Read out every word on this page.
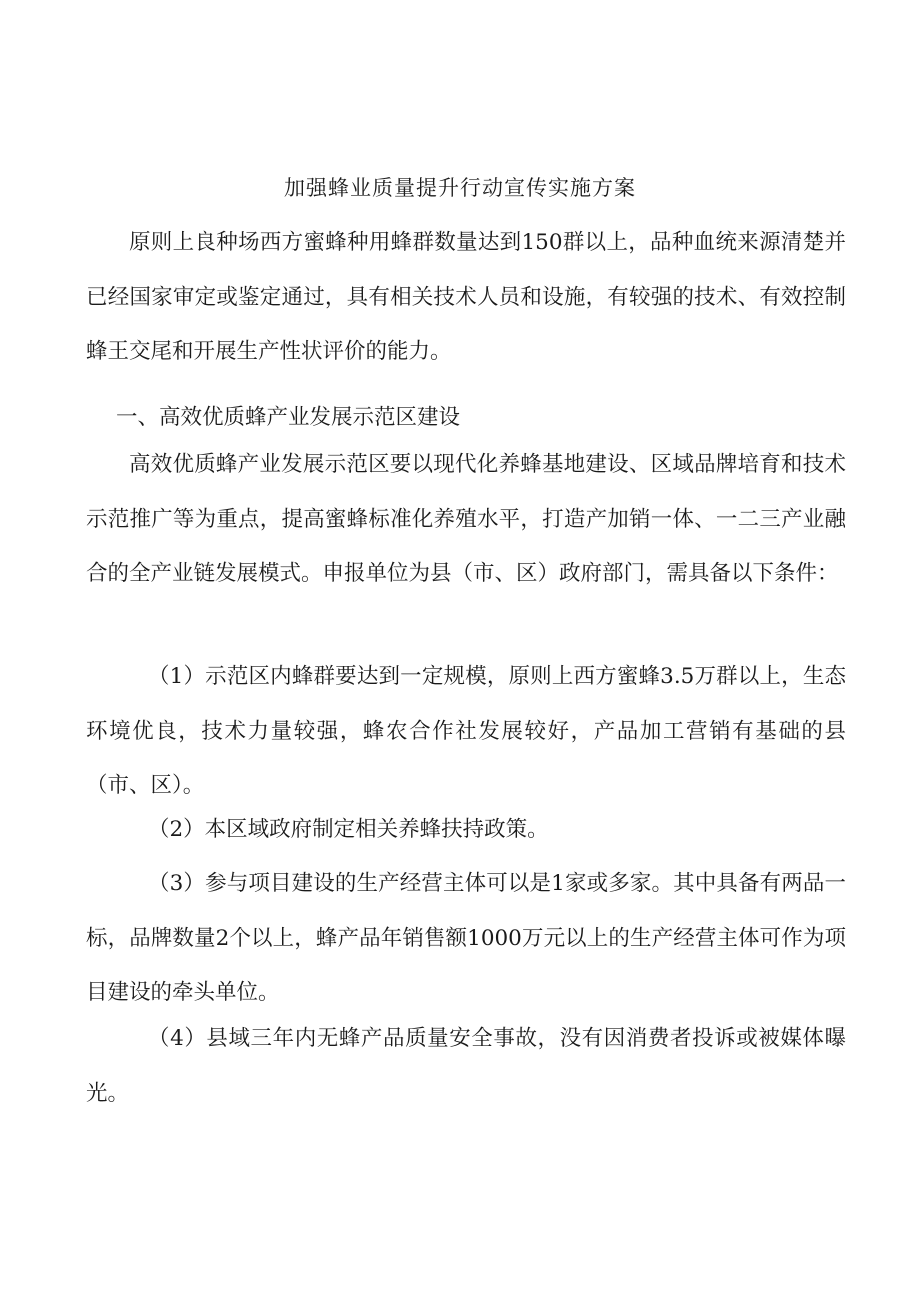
加强蜂业质量提升行动宣传实施方案

原则上良种场西方蜜蜂种用蜂群数量达到150群以上，品种血统来源清楚并已经国家审定或鉴定通过，具有相关技术人员和设施，有较强的技术、有效控制蜂王交尾和开展生产性状评价的能力。

一、高效优质蜂产业发展示范区建设

高效优质蜂产业发展示范区要以现代化养蜂基地建设、区域品牌培育和技术示范推广等为重点，提高蜜蜂标准化养殖水平，打造产加销一体、一二三产业融合的全产业链发展模式。申报单位为县（市、区）政府部门，需具备以下条件：

（1）示范区内蜂群要达到一定规模，原则上西方蜜蜂3.5万群以上，生态环境优良，技术力量较强，蜂农合作社发展较好，产品加工营销有基础的县（市、区）。

（2）本区域政府制定相关养蜂扶持政策。

（3）参与项目建设的生产经营主体可以是1家或多家。其中具备有两品一标，品牌数量2个以上，蜂产品年销售额1000万元以上的生产经营主体可作为项目建设的牵头单位。

（4）县域三年内无蜂产品质量安全事故，没有因消费者投诉或被媒体曝光。
